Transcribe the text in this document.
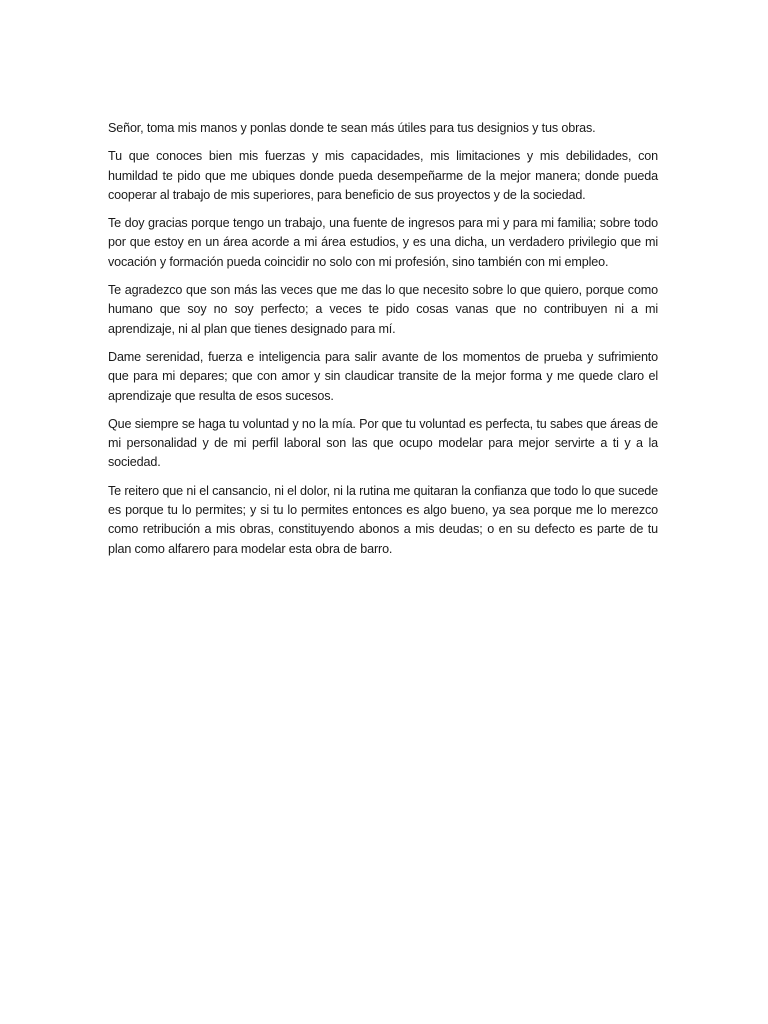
Señor, toma mis manos y ponlas donde te sean más útiles para tus designios y tus obras.

Tu que conoces bien mis fuerzas y mis capacidades, mis limitaciones y mis debilidades, con humildad te pido que me ubiques donde pueda desempeñarme de la mejor manera; donde pueda cooperar al trabajo de mis superiores, para beneficio de sus proyectos y de la sociedad.

Te doy gracias porque tengo un trabajo, una fuente de ingresos para mi y para mi familia; sobre todo por que estoy en un área acorde a mi área estudios, y es una dicha, un verdadero privilegio que mi vocación y formación pueda coincidir no solo con mi profesión, sino también con mi empleo.

Te agradezco que son más las veces que me das lo que necesito sobre lo que quiero, porque como humano que soy no soy perfecto; a veces te pido cosas vanas que no contribuyen ni a mi aprendizaje, ni al plan que tienes designado para mí.

Dame serenidad, fuerza e inteligencia para salir avante de los momentos de prueba y sufrimiento que para mi depares; que con amor y sin claudicar transite de la mejor forma y me quede claro el aprendizaje que resulta de esos sucesos.

Que siempre se haga tu voluntad y no la mía. Por que tu voluntad es perfecta, tu sabes que áreas de mi personalidad y de mi perfil laboral son las que ocupo modelar para mejor servirte a ti y a la sociedad.

Te reitero que ni el cansancio, ni el dolor, ni la rutina me quitaran la confianza que todo lo que sucede es porque tu lo permites; y si tu lo permites entonces es algo bueno, ya sea porque me lo merezco como retribución a mis obras, constituyendo abonos a mis deudas; o en su defecto es parte de tu plan como alfarero para modelar esta obra de barro.
